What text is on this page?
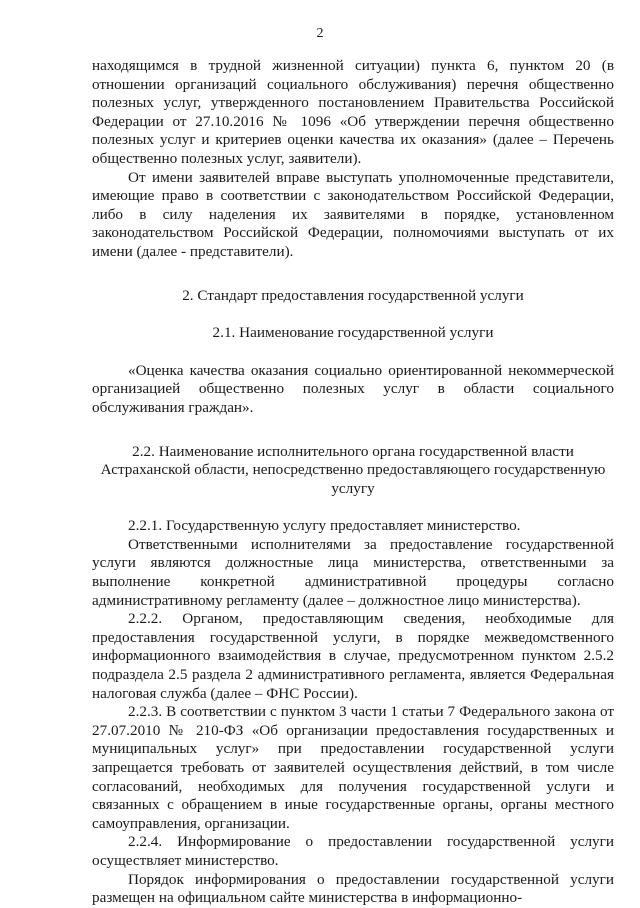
2

находящимся в трудной жизненной ситуации) пункта 6, пунктом 20 (в отношении организаций социального обслуживания) перечня общественно полезных услуг, утвержденного постановлением Правительства Российской Федерации от 27.10.2016 № 1096 «Об утверждении перечня общественно полезных услуг и критериев оценки качества их оказания» (далее – Перечень общественно полезных услуг, заявители).

От имени заявителей вправе выступать уполномоченные представители, имеющие право в соответствии с законодательством Российской Федерации, либо в силу наделения их заявителями в порядке, установленном законодательством Российской Федерации, полномочиями выступать от их имени (далее - представители).

2. Стандарт предоставления государственной услуги

2.1. Наименование государственной услуги

«Оценка качества оказания социально ориентированной некоммерческой организацией общественно полезных услуг в области социального обслуживания граждан».

2.2. Наименование исполнительного органа государственной власти Астраханской области, непосредственно предоставляющего государственную услугу

2.2.1. Государственную услугу предоставляет министерство.

Ответственными исполнителями за предоставление государственной услуги являются должностные лица министерства, ответственными за выполнение конкретной административной процедуры согласно административному регламенту (далее – должностное лицо министерства).

2.2.2. Органом, предоставляющим сведения, необходимые для предоставления государственной услуги, в порядке межведомственного информационного взаимодействия в случае, предусмотренном пунктом 2.5.2 подраздела 2.5 раздела 2 административного регламента, является Федеральная налоговая служба (далее – ФНС России).

2.2.3. В соответствии с пунктом 3 части 1 статьи 7 Федерального закона от 27.07.2010 № 210-ФЗ «Об организации предоставления государственных и муниципальных услуг» при предоставлении государственной услуги запрещается требовать от заявителей осуществления действий, в том числе согласований, необходимых для получения государственной услуги и связанных с обращением в иные государственные органы, органы местного самоуправления, организации.

2.2.4. Информирование о предоставлении государственной услуги осуществляет министерство.

Порядок информирования о предоставлении государственной услуги размещен на официальном сайте министерства в информационно-
